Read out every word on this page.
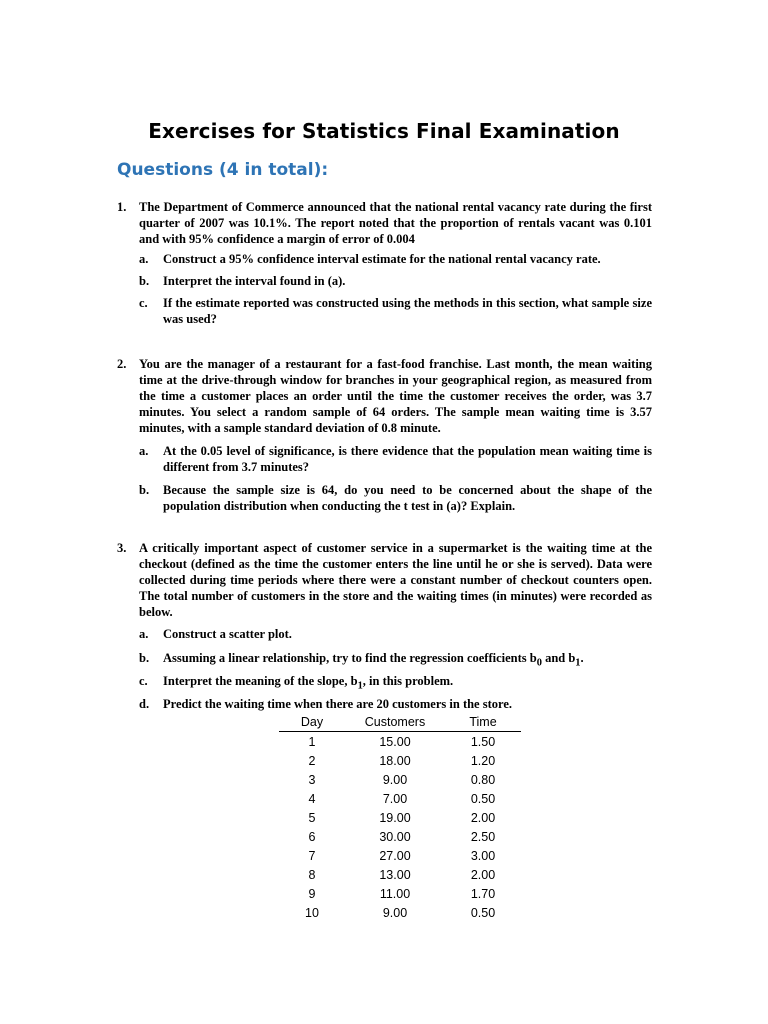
Exercises for Statistics Final Examination
Questions (4 in total):
1. The Department of Commerce announced that the national rental vacancy rate during the first quarter of 2007 was 10.1%. The report noted that the proportion of rentals vacant was 0.101 and with 95% confidence a margin of error of 0.004
a. Construct a 95% confidence interval estimate for the national rental vacancy rate.
b. Interpret the interval found in (a).
c. If the estimate reported was constructed using the methods in this section, what sample size was used?
2. You are the manager of a restaurant for a fast-food franchise. Last month, the mean waiting time at the drive-through window for branches in your geographical region, as measured from the time a customer places an order until the time the customer receives the order, was 3.7 minutes. You select a random sample of 64 orders. The sample mean waiting time is 3.57 minutes, with a sample standard deviation of 0.8 minute.
a. At the 0.05 level of significance, is there evidence that the population mean waiting time is different from 3.7 minutes?
b. Because the sample size is 64, do you need to be concerned about the shape of the population distribution when conducting the t test in (a)? Explain.
3. A critically important aspect of customer service in a supermarket is the waiting time at the checkout (defined as the time the customer enters the line until he or she is served). Data were collected during time periods where there were a constant number of checkout counters open. The total number of customers in the store and the waiting times (in minutes) were recorded as below.
a. Construct a scatter plot.
b. Assuming a linear relationship, try to find the regression coefficients $b_0$ and $b_1$.
c. Interpret the meaning of the slope, $b_1$, in this problem.
d. Predict the waiting time when there are 20 customers in the store.
Day	Customers	Time
1	15.00	1.50
2	18.00	1.20
3	9.00	0.80
4	7.00	0.50
5	19.00	2.00
6	30.00	2.50
7	27.00	3.00
8	13.00	2.00
9	11.00	1.70
10	9.00	0.50
